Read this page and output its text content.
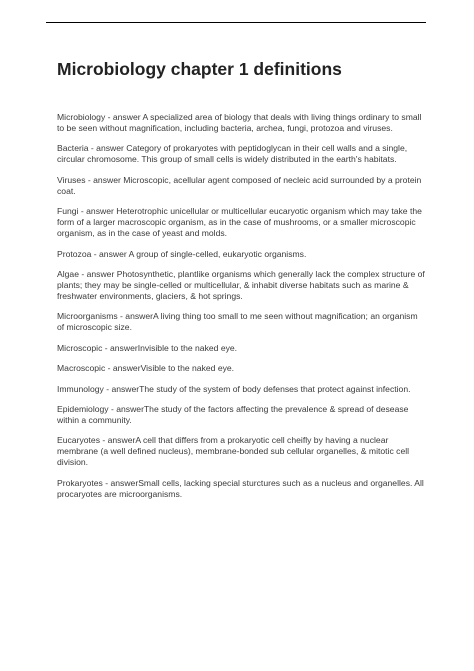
Microbiology chapter 1 definitions

Microbiology - answer A specialized area of biology that deals with living things ordinary to small to be seen without magnification, including bacteria, archea, fungi, protozoa and viruses.

Bacteria - answer Category of prokaryotes with peptidoglycan in their cell walls and a single, circular chromosome. This group of small cells is widely distributed in the earth's habitats.

Viruses - answer Microscopic, acellular agent composed of necleic acid surrounded by a protein coat.

Fungi - answer Heterotrophic unicellular or multicellular eucaryotic organism which may take the form of a larger macroscopic organism, as in the case of mushrooms, or a smaller microscopic organism, as in the case of yeast and molds.

Protozoa - answer A group of single-celled, eukaryotic organisms.

Algae - answer Photosynthetic, plantlike organisms which generally lack the complex structure of plants; they may be single-celled or multicellular, & inhabit diverse habitats such as marine & freshwater environments, glaciers, & hot springs.

Microorganisms - answerA living thing too small to me seen without magnification; an organism of microscopic size.

Microscopic - answerInvisible to the naked eye.

Macroscopic - answerVisible to the naked eye.

Immunology - answerThe study of the system of body defenses that protect against infection.

Epidemiology - answerThe study of the factors affecting the prevalence & spread of desease within a community.

Eucaryotes - answerA cell that differs from a prokaryotic cell cheifly by having a nuclear membrane (a well defined nucleus), membrane-bonded sub cellular organelles, & mitotic cell division.

Prokaryotes - answerSmall cells, lacking special sturctures such as a nucleus and organelles. All procaryotes are microorganisms.
